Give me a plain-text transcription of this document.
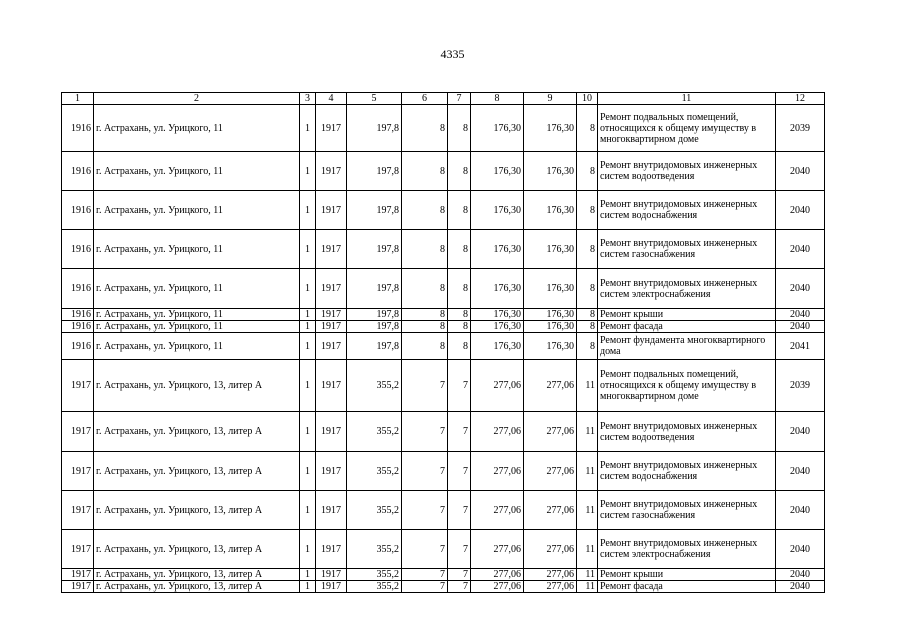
4335
1	2	3	4	5	6	7	8	9	10	11	12
1916	г. Астрахань, ул. Урицкого, 11	1	1917	197,8	8	8	176,30	176,30	8	Ремонт подвальных помещений, относящихся к общему имуществу в многоквартирном доме	2039
1916	г. Астрахань, ул. Урицкого, 11	1	1917	197,8	8	8	176,30	176,30	8	Ремонт внутридомовых инженерных систем водоотведения	2040
1916	г. Астрахань, ул. Урицкого, 11	1	1917	197,8	8	8	176,30	176,30	8	Ремонт внутридомовых инженерных систем водоснабжения	2040
1916	г. Астрахань, ул. Урицкого, 11	1	1917	197,8	8	8	176,30	176,30	8	Ремонт внутридомовых инженерных систем газоснабжения	2040
1916	г. Астрахань, ул. Урицкого, 11	1	1917	197,8	8	8	176,30	176,30	8	Ремонт внутридомовых инженерных систем электроснабжения	2040
1916	г. Астрахань, ул. Урицкого, 11	1	1917	197,8	8	8	176,30	176,30	8	Ремонт крыши	2040
1916	г. Астрахань, ул. Урицкого, 11	1	1917	197,8	8	8	176,30	176,30	8	Ремонт фасада	2040
1916	г. Астрахань, ул. Урицкого, 11	1	1917	197,8	8	8	176,30	176,30	8	Ремонт фундамента многоквартирного дома	2041
1917	г. Астрахань, ул. Урицкого, 13, литер А	1	1917	355,2	7	7	277,06	277,06	11	Ремонт подвальных помещений, относящихся к общему имуществу в многоквартирном доме	2039
1917	г. Астрахань, ул. Урицкого, 13, литер А	1	1917	355,2	7	7	277,06	277,06	11	Ремонт внутридомовых инженерных систем водоотведения	2040
1917	г. Астрахань, ул. Урицкого, 13, литер А	1	1917	355,2	7	7	277,06	277,06	11	Ремонт внутридомовых инженерных систем водоснабжения	2040
1917	г. Астрахань, ул. Урицкого, 13, литер А	1	1917	355,2	7	7	277,06	277,06	11	Ремонт внутридомовых инженерных систем газоснабжения	2040
1917	г. Астрахань, ул. Урицкого, 13, литер А	1	1917	355,2	7	7	277,06	277,06	11	Ремонт внутридомовых инженерных систем электроснабжения	2040
1917	г. Астрахань, ул. Урицкого, 13, литер А	1	1917	355,2	7	7	277,06	277,06	11	Ремонт крыши	2040
1917	г. Астрахань, ул. Урицкого, 13, литер А	1	1917	355,2	7	7	277,06	277,06	11	Ремонт фасада	2040
